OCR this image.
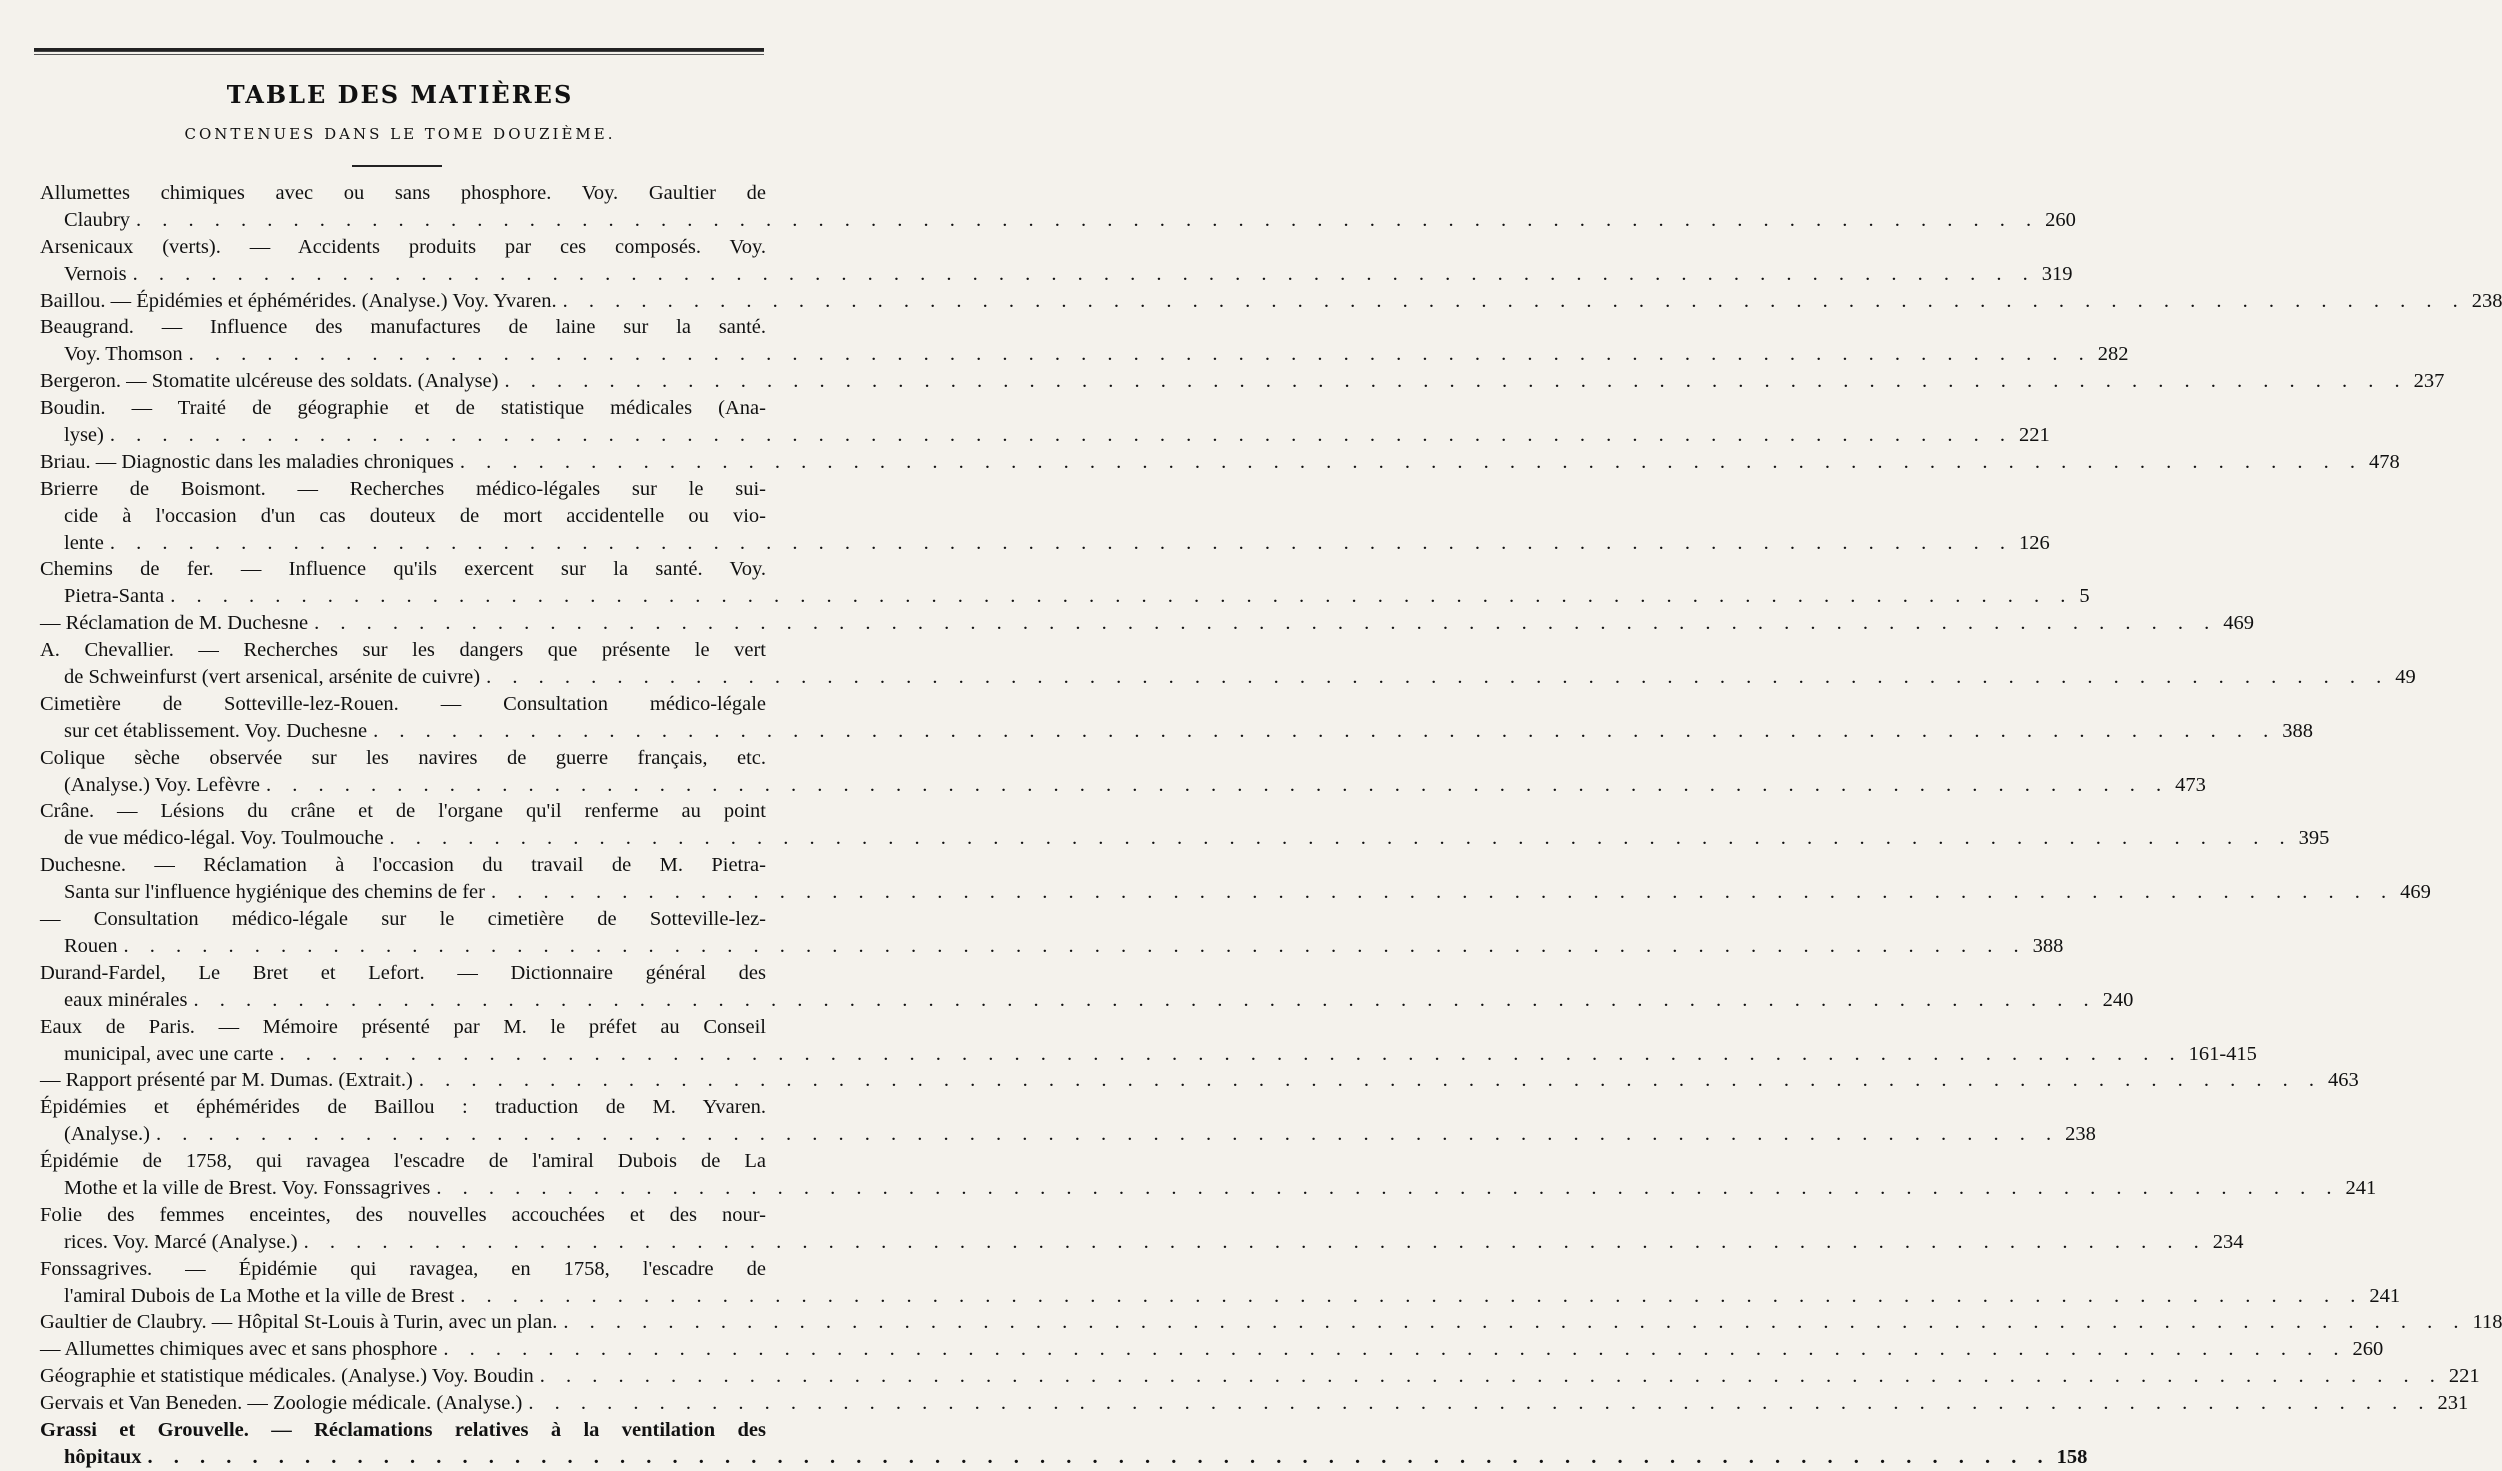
TABLE DES MATIÈRES
CONTENUES DANS LE TOME DOUZIÈME.
Allumettes chimiques avec ou sans phosphore. Voy. Gaultier de
Claubry . . .	260
Arsenicaux (verts). — Accidents produits par ces composés. Voy.
Vernois . . .	319
Baillou. — Épidémies et éphémérides. (Analyse.) Voy. Yvaren. . . .	238
Beaugrand. — Influence des manufactures de laine sur la santé.
Voy. Thomson . . .	282
Bergeron. — Stomatite ulcéreuse des soldats. (Analyse) . . .	237
Boudin. — Traité de géographie et de statistique médicales (Ana-
lyse) . . .	221
Briau. — Diagnostic dans les maladies chroniques . . .	478
Brierre de Boismont. — Recherches médico-légales sur le sui-
cide à l'occasion d'un cas douteux de mort accidentelle ou vio-
lente . . .	126
Chemins de fer. — Influence qu'ils exercent sur la santé. Voy.
Pietra-Santa . . .	5
— Réclamation de M. Duchesne . . .	469
A. Chevallier. — Recherches sur les dangers que présente le vert
de Schweinfurst (vert arsenical, arsénite de cuivre) . . .	49
Cimetière de Sotteville-lez-Rouen. — Consultation médico-légale
sur cet établissement. Voy. Duchesne . . .	388
Colique sèche observée sur les navires de guerre français, etc.
(Analyse.) Voy. Lefèvre . . .	473
Crâne. — Lésions du crâne et de l'organe qu'il renferme au point
de vue médico-légal. Voy. Toulmouche . . .	395
Duchesne. — Réclamation à l'occasion du travail de M. Pietra-
Santa sur l'influence hygiénique des chemins de fer . . .	469
— Consultation médico-légale sur le cimetière de Sotteville-lez-
Rouen . . .	388
Durand-Fardel, Le Bret et Lefort. — Dictionnaire général des
eaux minérales . . .	240
Eaux de Paris. — Mémoire présenté par M. le préfet au Conseil
municipal, avec une carte . . .	161-415
— Rapport présenté par M. Dumas. (Extrait.) . . .	463
Épidémies et éphémérides de Baillou : traduction de M. Yvaren.
(Analyse.) . . .	238
Épidémie de 1758, qui ravagea l'escadre de l'amiral Dubois de La
Mothe et la ville de Brest. Voy. Fonssagrives . . .	241
Folie des femmes enceintes, des nouvelles accouchées et des nour-
rices. Voy. Marcé (Analyse.) . . .	234
Fonssagrives. — Épidémie qui ravagea, en 1758, l'escadre de
l'amiral Dubois de La Mothe et la ville de Brest . . .	241
Gaultier de Claubry. — Hôpital St-Louis à Turin, avec un plan. . . .	118
— Allumettes chimiques avec et sans phosphore . . .	260
Géographie et statistique médicales. (Analyse.) Voy. Boudin . . .	221
Gervais et Van Beneden. — Zoologie médicale. (Analyse.) . . .	231
Grassi et Grouvelle. — Réclamations relatives à la ventilation des
hôpitaux . . .	158
